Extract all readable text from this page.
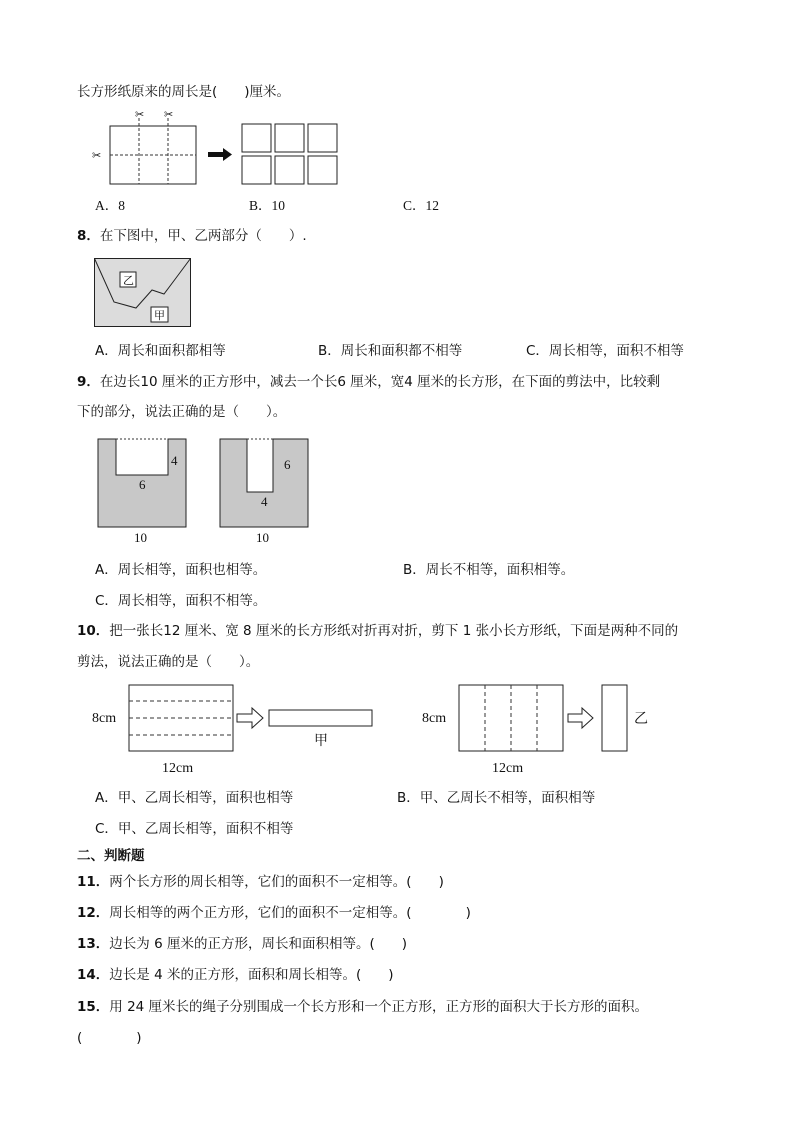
长方形纸原来的周长是(　　)厘米。
✂ ✂
✂
A．8	B．10	C．12
8．在下图中，甲、乙两部分（　　）.
乙
甲
A．周长和面积都相等	B．周长和面积都不相等	C．周长相等，面积不相等
9．在边长10 厘米的正方形中，减去一个长6 厘米，宽4 厘米的长方形，在下面的剪法中，比较剩
下的部分，说法正确的是（　　）。
4
6
10
6
4
10
A．周长相等，面积也相等。	B．周长不相等，面积相等。
C．周长相等，面积不相等。
10．把一张长12 厘米、宽 8 厘米的长方形纸对折再对折，剪下 1 张小长方形纸，下面是两种不同的
剪法，说法正确的是（　　）。
8cm
12cm
甲
8cm
12cm
乙
A．甲、乙周长相等，面积也相等	B．甲、乙周长不相等，面积相等
C．甲、乙周长相等，面积不相等
二、判断题
11．两个长方形的周长相等，它们的面积不一定相等。(　　)
12．周长相等的两个正方形，它们的面积不一定相等。(　　　　)
13．边长为 6 厘米的正方形，周长和面积相等。(　　)
14．边长是 4 米的正方形，面积和周长相等。(　　)
15．用 24 厘米长的绳子分别围成一个长方形和一个正方形，正方形的面积大于长方形的面积。
(　　　　)
